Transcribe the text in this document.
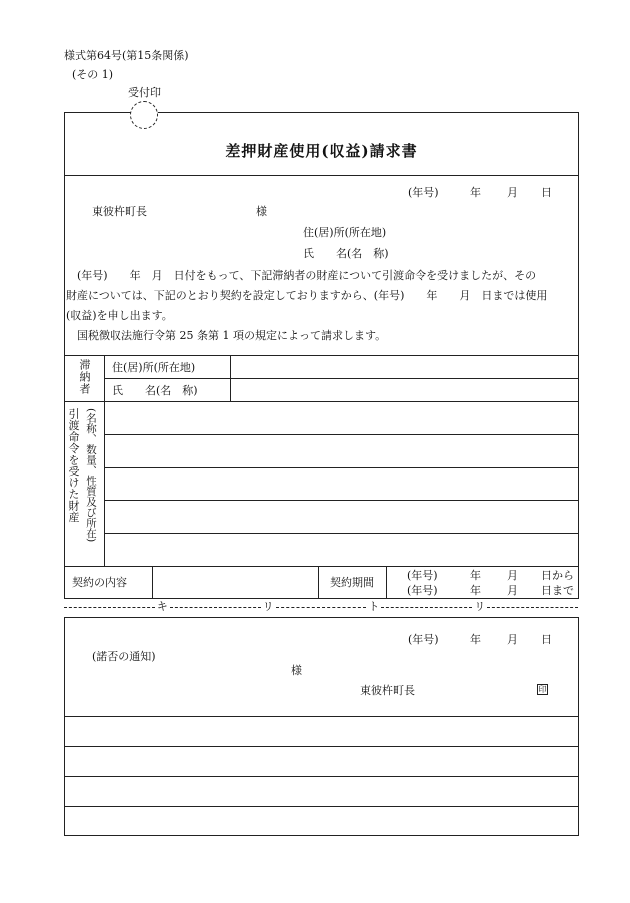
様式第64号(第15条関係)
(その 1)
受付印
差押財産使用(収益)請求書
(年号)	年 月 日
東彼杵町長	様
住(居)所(所在地)
氏　　名(名　称)
　(年号)　　年　月　日付をもって、下記滞納者の財産について引渡命令を受けましたが、その
財産については、下記のとおり契約を設定しておりますから、(年号)　　年　　月　日までは使用
(収益)を申し出ます。
　国税徴収法施行令第 25 条第 1 項の規定によって請求します。
滞納者 住(居)所(所在地)
氏　　名(名　称)
引渡命令を受けた財産 (名称、数量、性質及び所在)
契約の内容	契約期間
(年号)	年 月 日から
(年号)	年 月 日まで
キ	リ	ト	リ
(年号)	年 月 日
(諾否の通知)
様
東彼杵町長	印
